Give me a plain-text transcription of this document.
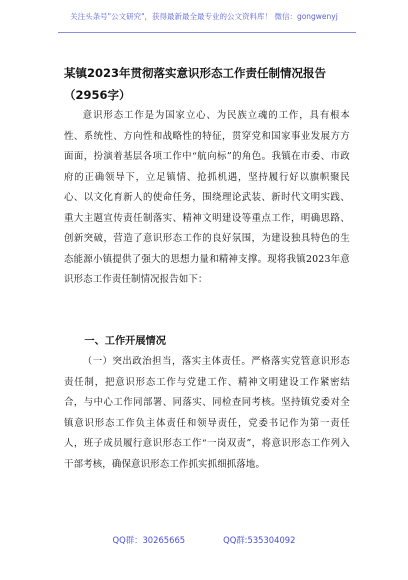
关注头条号"公文研究"，获得最新最全最专业的公文资料库！ 微信：gongwenyj
某镇2023年贯彻落实意识形态工作责任制情况报告（2956字）
意识形态工作是为国家立心、为民族立魂的工作，具有根本性、系统性、方向性和战略性的特征，贯穿党和国家事业发展方方面面，扮演着基层各项工作中“航向标”的角色。我镇在市委、市政府的正确领导下，立足镇情、抢抓机遇，坚持履行好以旗帜聚民心、以文化育新人的使命任务，围绕理论武装、新时代文明实践、重大主题宣传责任制落实、精神文明建设等重点工作，明确思路、创新突破，营造了意识形态工作的良好氛围，为建设独具特色的生态能源小镇提供了强大的思想力量和精神支撑。现将我镇2023年意识形态工作责任制情况报告如下：
一、工作开展情况
（一）突出政治担当，落实主体责任。严格落实党管意识形态责任制，把意识形态工作与党建工作、精神文明建设工作紧密结合，与中心工作同部署、同落实、同检查同考核。坚持镇党委对全镇意识形态工作负主体责任和领导责任，党委书记作为第一责任人，班子成员履行意识形态工作“一岗双责”，将意识形态工作列入干部考核，确保意识形态工作抓实抓细抓落地。
QQ群：30265665	QQ群:535304092
